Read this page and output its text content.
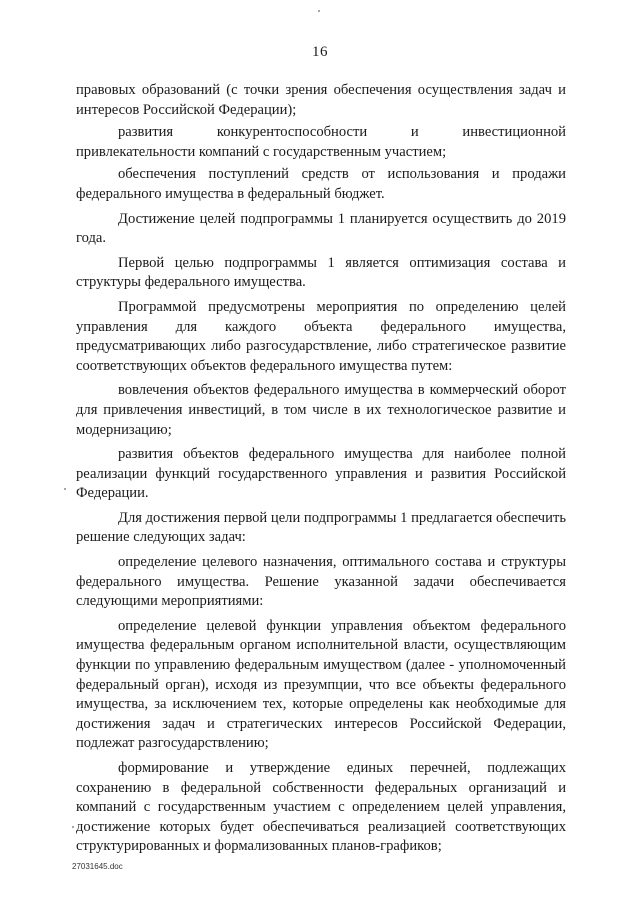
16

правовых образований (с точки зрения обеспечения осуществления задач и интересов Российской Федерации);

развития конкурентоспособности и инвестиционной привлекательности компаний с государственным участием;

обеспечения поступлений средств от использования и продажи федерального имущества в федеральный бюджет.

Достижение целей подпрограммы 1 планируется осуществить до 2019 года.

Первой целью подпрограммы 1 является оптимизация состава и структуры федерального имущества.

Программой предусмотрены мероприятия по определению целей управления для каждого объекта федерального имущества, предусматривающих либо разгосударствление, либо стратегическое развитие соответствующих объектов федерального имущества путем:

вовлечения объектов федерального имущества в коммерческий оборот для привлечения инвестиций, в том числе в их технологическое развитие и модернизацию;

развития объектов федерального имущества для наиболее полной реализации функций государственного управления и развития Российской Федерации.

Для достижения первой цели подпрограммы 1 предлагается обеспечить решение следующих задач:

определение целевого назначения, оптимального состава и структуры федерального имущества. Решение указанной задачи обеспечивается следующими мероприятиями:

определение целевой функции управления объектом федерального имущества федеральным органом исполнительной власти, осуществляющим функции по управлению федеральным имуществом (далее - уполномоченный федеральный орган), исходя из презумпции, что все объекты федерального имущества, за исключением тех, которые определены как необходимые для достижения задач и стратегических интересов Российской Федерации, подлежат разгосударствлению;

формирование и утверждение единых перечней, подлежащих сохранению в федеральной собственности федеральных организаций и компаний с государственным участием с определением целей управления, достижение которых будет обеспечиваться реализацией соответствующих структурированных и формализованных планов-графиков;

27031645.doc
